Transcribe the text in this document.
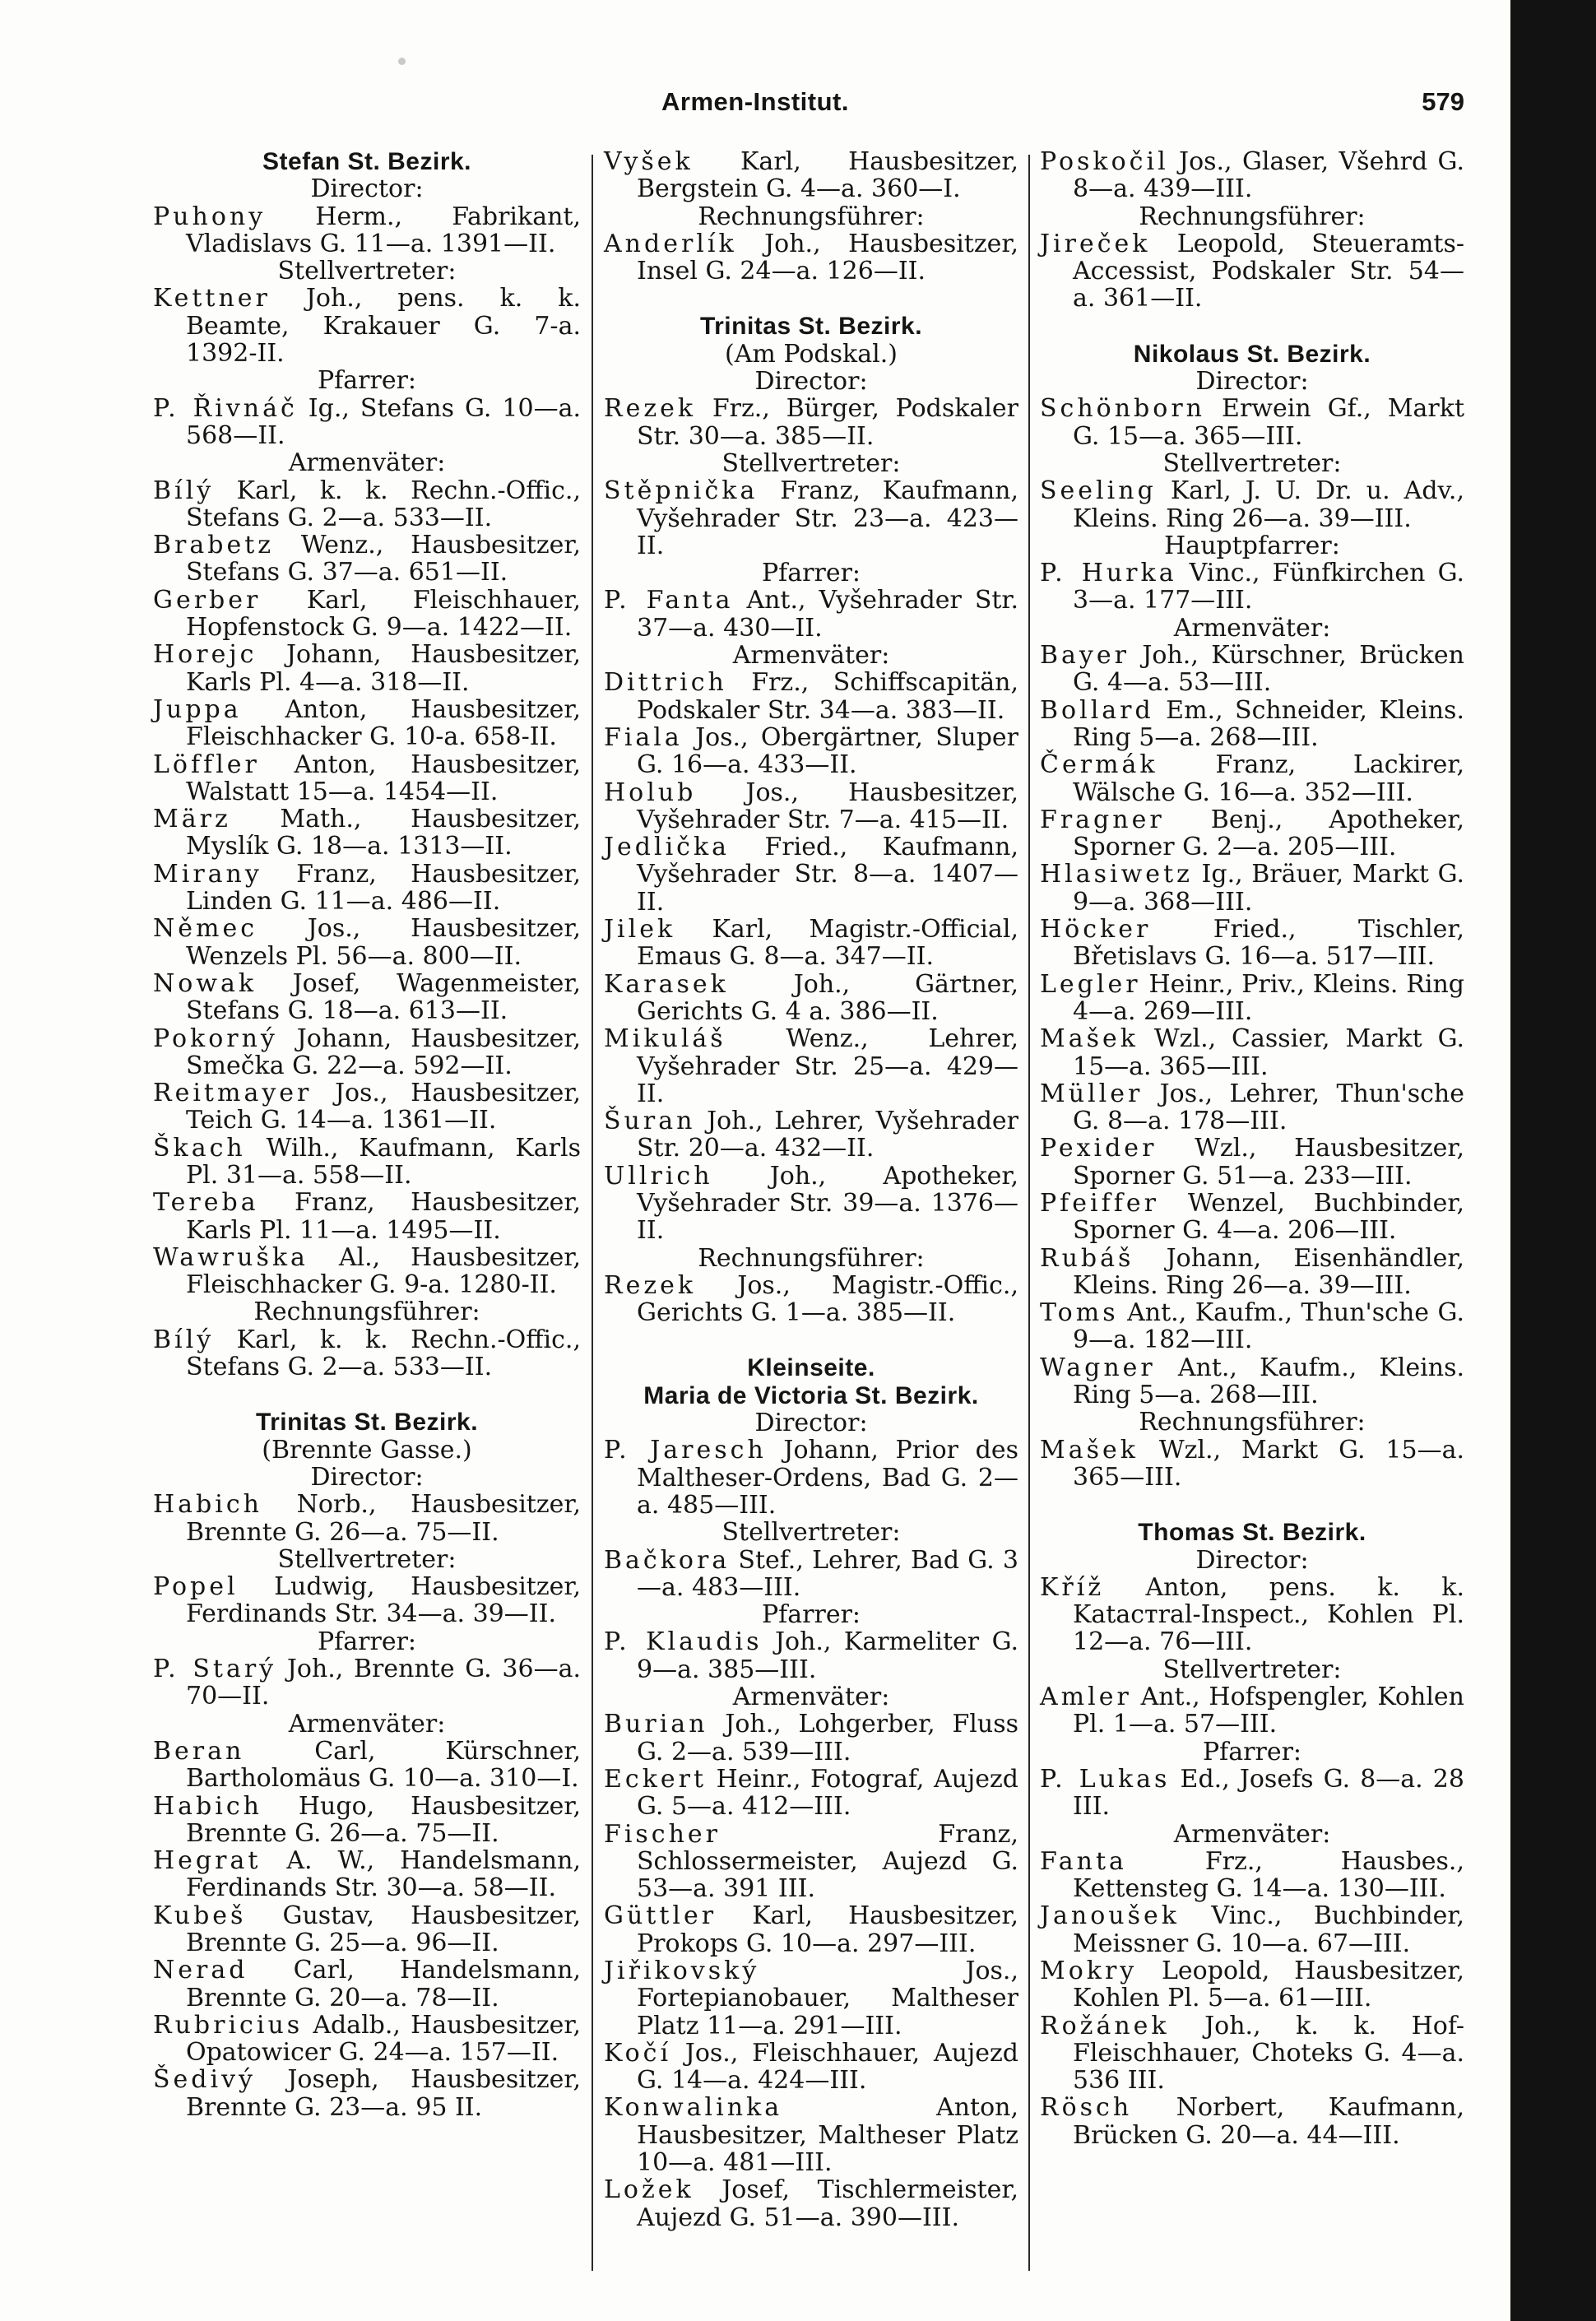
Armen-Institut.	579
Stefan St. Bezirk.
Director:
Puhony Herm., Fabrikant, Vladislavs G. 11—a. 1391—II.
Stellvertreter:
Kettner Joh., pens. k. k. Beamte, Krakauer G. 7-a. 1392-II.
Pfarrer:
P. Řivnáč Ig., Stefans G. 10—a. 568—II.
Armenväter:
Bílý Karl, k. k. Rechn.-Offic., Stefans G. 2—a. 533—II.
Brabetz Wenz., Hausbesitzer, Stefans G. 37—a. 651—II.
Gerber Karl, Fleischhauer, Hopfenstock G. 9—a. 1422—II.
Horejc Johann, Hausbesitzer, Karls Pl. 4—a. 318—II.
Juppa Anton, Hausbesitzer, Fleischhacker G. 10-a. 658-II.
Löffler Anton, Hausbesitzer, Walstatt 15—a. 1454—II.
März Math., Hausbesitzer, Myslík G. 18—a. 1313—II.
Mirany Franz, Hausbesitzer, Linden G. 11—a. 486—II.
Němec Jos., Hausbesitzer, Wenzels Pl. 56—a. 800—II.
Nowak Josef, Wagenmeister, Stefans G. 18—a. 613—II.
Pokorný Johann, Hausbesitzer, Smečka G. 22—a. 592—II.
Reitmayer Jos., Hausbesitzer, Teich G. 14—a. 1361—II.
Škach Wilh., Kaufmann, Karls Pl. 31—a. 558—II.
Tereba Franz, Hausbesitzer, Karls Pl. 11—a. 1495—II.
Wawruška Al., Hausbesitzer, Fleischhacker G. 9-a. 1280-II.
Rechnungsführer:
Bílý Karl, k. k. Rechn.-Offic., Stefans G. 2—a. 533—II.
Trinitas St. Bezirk.
(Brennte Gasse.)
Director:
Habich Norb., Hausbesitzer, Brennte G. 26—a. 75—II.
Stellvertreter:
Popel Ludwig, Hausbesitzer, Ferdinands Str. 34—a. 39—II.
Pfarrer:
P. Starý Joh., Brennte G. 36—a. 70—II.
Armenväter:
Beran Carl, Kürschner, Bartholomäus G. 10—a. 310—I.
Habich Hugo, Hausbesitzer, Brennte G. 26—a. 75—II.
Hegrat A. W., Handelsmann, Ferdinands Str. 30—a. 58—II.
Kubeš Gustav, Hausbesitzer, Brennte G. 25—a. 96—II.
Nerad Carl, Handelsmann, Brennte G. 20—a. 78—II.
Rubricius Adalb., Hausbesitzer, Opatowicer G. 24—a. 157—II.
Šedivý Joseph, Hausbesitzer, Brennte G. 23—a. 95 II.
Vyšek Karl, Hausbesitzer, Bergstein G. 4—a. 360—I.
Rechnungsführer:
Anderlík Joh., Hausbesitzer, Insel G. 24—a. 126—II.
Trinitas St. Bezirk.
(Am Podskal.)
Director:
Rezek Frz., Bürger, Podskaler Str. 30—a. 385—II.
Stellvertreter:
Stěpnička Franz, Kaufmann, Vyšehrader Str. 23—a. 423—II.
Pfarrer:
P. Fanta Ant., Vyšehrader Str. 37—a. 430—II.
Armenväter:
Dittrich Frz., Schiffscapitän, Podskaler Str. 34—a. 383—II.
Fiala Jos., Obergärtner, Sluper G. 16—a. 433—II.
Holub Jos., Hausbesitzer, Vyšehrader Str. 7—a. 415—II.
Jedlička Fried., Kaufmann, Vyšehrader Str. 8—a. 1407—II.
Jilek Karl, Magistr.-Official, Emaus G. 8—a. 347—II.
Karasek Joh., Gärtner, Gerichts G. 4 a. 386—II.
Mikuláš Wenz., Lehrer, Vyšehrader Str. 25—a. 429—II.
Šuran Joh., Lehrer, Vyšehrader Str. 20—a. 432—II.
Ullrich Joh., Apotheker, Vyšehrader Str. 39—a. 1376—II.
Rechnungsführer:
Rezek Jos., Magistr.-Offic., Gerichts G. 1—a. 385—II.
Kleinseite.
Maria de Victoria St. Bezirk.
Director:
P. Jaresch Johann, Prior des Maltheser-Ordens, Bad G. 2—a. 485—III.
Stellvertreter:
Bačkora Stef., Lehrer, Bad G. 3—a. 483—III.
Pfarrer:
P. Klaudis Joh., Karmeliter G. 9—a. 385—III.
Armenväter:
Burian Joh., Lohgerber, Fluss G. 2—a. 539—III.
Eckert Heinr., Fotograf, Aujezd G. 5—a. 412—III.
Fischer Franz, Schlossermeister, Aujezd G. 53—a. 391 III.
Güttler Karl, Hausbesitzer, Prokops G. 10—a. 297—III.
Jiřikovský Jos., Fortepianobauer, Maltheser Platz 11—a. 291—III.
Kočí Jos., Fleischhauer, Aujezd G. 14—a. 424—III.
Konwalinka Anton, Hausbesitzer, Maltheser Platz 10—a. 481—III.
Ložek Josef, Tischlermeister, Aujezd G. 51—a. 390—III.
Poskočil Jos., Glaser, Všehrd G. 8—a. 439—III.
Rechnungsführer:
Jireček Leopold, Steueramts-Accessist, Podskaler Str. 54—a. 361—II.
Nikolaus St. Bezirk.
Director:
Schönborn Erwein Gf., Markt G. 15—a. 365—III.
Stellvertreter:
Seeling Karl, J. U. Dr. u. Adv., Kleins. Ring 26—a. 39—III.
Hauptpfarrer:
P. Hurka Vinc., Fünfkirchen G. 3—a. 177—III.
Armenväter:
Bayer Joh., Kürschner, Brücken G. 4—a. 53—III.
Bollard Em., Schneider, Kleins. Ring 5—a. 268—III.
Čermák Franz, Lackirer, Wälsche G. 16—a. 352—III.
Fragner Benj., Apotheker, Sporner G. 2—a. 205—III.
Hlasiwetz Ig., Bräuer, Markt G. 9—a. 368—III.
Höcker Fried., Tischler, Břetislavs G. 16—a. 517—III.
Legler Heinr., Priv., Kleins. Ring 4—a. 269—III.
Mašek Wzl., Cassier, Markt G. 15—a. 365—III.
Müller Jos., Lehrer, Thun'sche G. 8—a. 178—III.
Pexider Wzl., Hausbesitzer, Sporner G. 51—a. 233—III.
Pfeiffer Wenzel, Buchbinder, Sporner G. 4—a. 206—III.
Rubáš Johann, Eisenhändler, Kleins. Ring 26—a. 39—III.
Toms Ant., Kaufm., Thun'sche G. 9—a. 182—III.
Wagner Ant., Kaufm., Kleins. Ring 5—a. 268—III.
Rechnungsführer:
Mašek Wzl., Markt G. 15—a. 365—III.
Thomas St. Bezirk.
Director:
Kříž Anton, pens. k. k. Kataстral-Inspect., Kohlen Pl. 12—a. 76—III.
Stellvertreter:
Amler Ant., Hofspengler, Kohlen Pl. 1—a. 57—III.
Pfarrer:
P. Lukas Ed., Josefs G. 8—a. 28 III.
Armenväter:
Fanta Frz., Hausbes., Kettensteg G. 14—a. 130—III.
Janoušek Vinc., Buchbinder, Meissner G. 10—a. 67—III.
Mokry Leopold, Hausbesitzer, Kohlen Pl. 5—a. 61—III.
Rožánek Joh., k. k. Hof-Fleischhauer, Choteks G. 4—a. 536 III.
Rösch Norbert, Kaufmann, Brücken G. 20—a. 44—III.
